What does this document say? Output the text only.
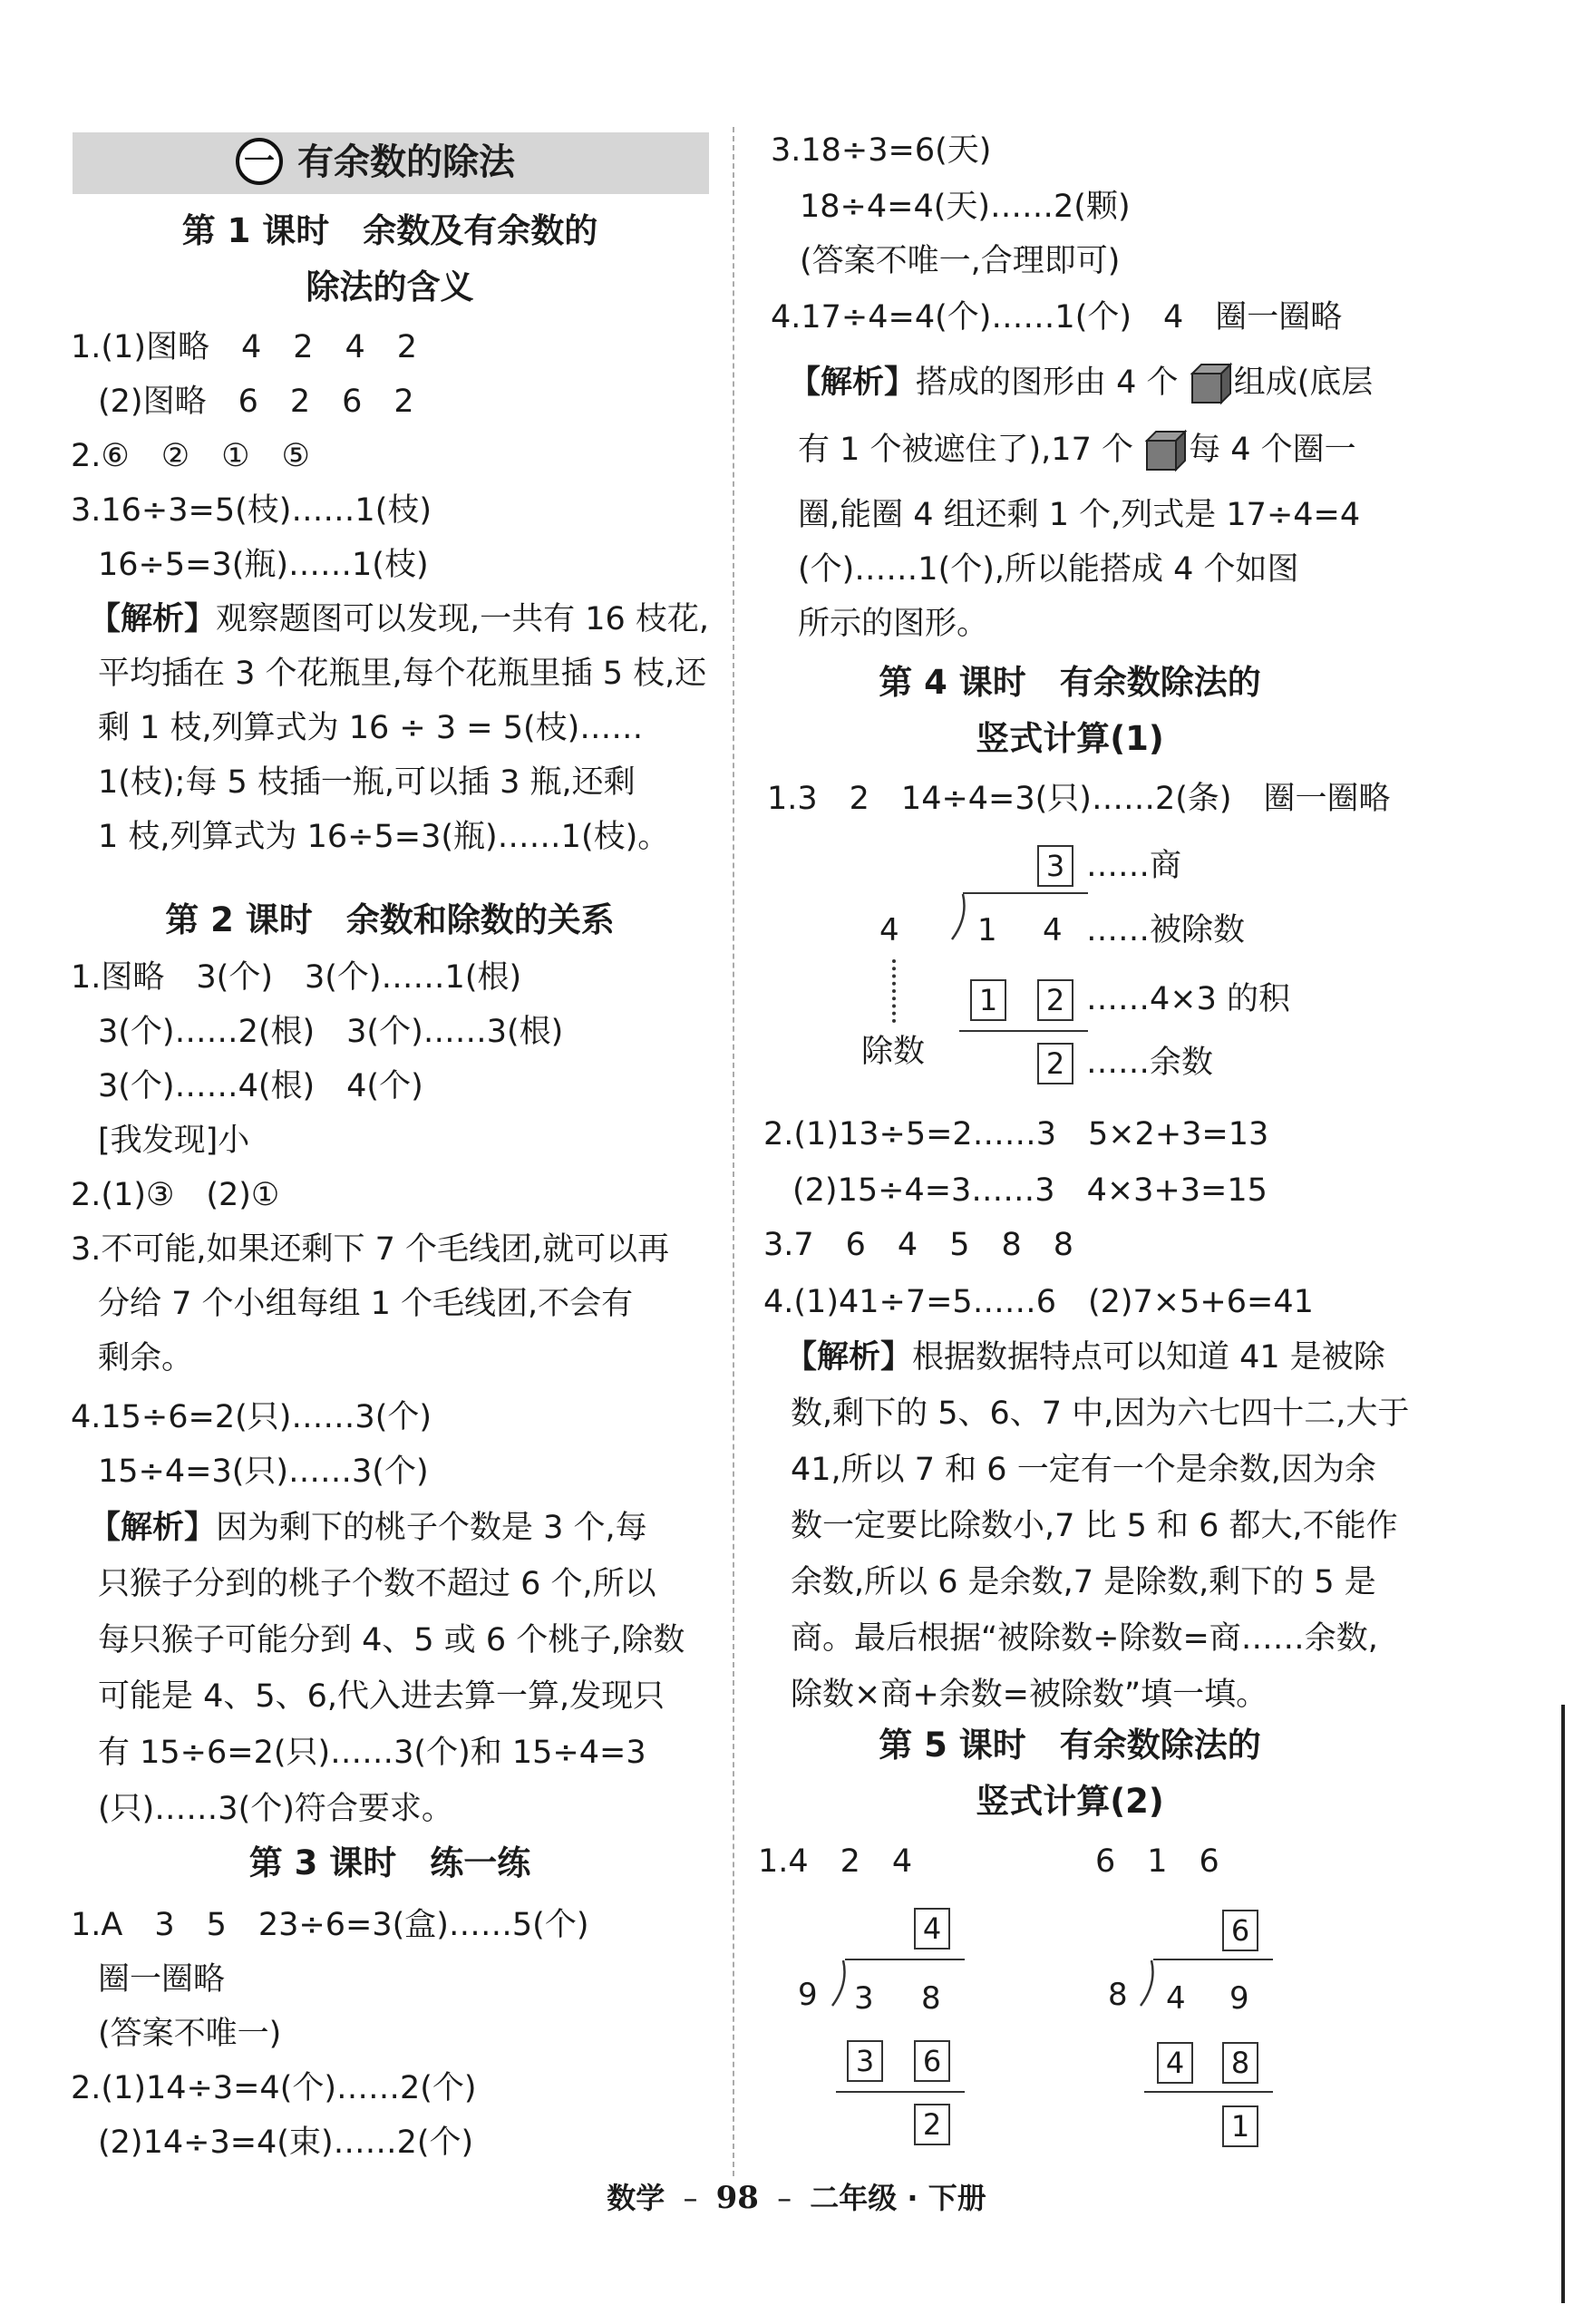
一 有余数的除法
第 1 课时　余数及有余数的
除法的含义
1.(1)图略　4　2　4　2
(2)图略　6　2　6　2
2.⑥　②　①　⑤
3.16÷3=5(枝)……1(枝)
16÷5=3(瓶)……1(枝)
【解析】观察题图可以发现,一共有 16 枝花,
平均插在 3 个花瓶里,每个花瓶里插 5 枝,还
剩 1 枝,列算式为 16 ÷ 3 = 5(枝)……
1(枝);每 5 枝插一瓶,可以插 3 瓶,还剩
1 枝,列算式为 16÷5=3(瓶)……1(枝)。
第 2 课时　余数和除数的关系
1.图略　3(个)　3(个)……1(根)
3(个)……2(根)　3(个)……3(根)
3(个)……4(根)　4(个)
[我发现]小
2.(1)③　(2)①
3.不可能,如果还剩下 7 个毛线团,就可以再
分给 7 个小组每组 1 个毛线团,不会有
剩余。
4.15÷6=2(只)……3(个)
15÷4=3(只)……3(个)
【解析】因为剩下的桃子个数是 3 个,每
只猴子分到的桃子个数不超过 6 个,所以
每只猴子可能分到 4、5 或 6 个桃子,除数
可能是 4、5、6,代入进去算一算,发现只
有 15÷6=2(只)……3(个)和 15÷4=3
(只)……3(个)符合要求。
第 3 课时　练一练
1.A　3　5　23÷6=3(盒)……5(个)
圈一圈略
(答案不唯一)
2.(1)14÷3=4(个)……2(个)
(2)14÷3=4(束)……2(个)
3.18÷3=6(天)
18÷4=4(天)……2(颗)
(答案不唯一,合理即可)
4.17÷4=4(个)……1(个)　4　圈一圈略
【解析】搭成的图形由 4 个 组成(底层
有 1 个被遮住了),17 个 每 4 个圈一
圈,能圈 4 组还剩 1 个,列式是 17÷4=4
(个)……1(个),所以能搭成 4 个如图
所示的图形。
第 4 课时　有余数除法的
竖式计算(1)
1.3　2　14÷4=3(只)……2(条)　圈一圈略
3 ……商
4	1 4 ……被除数
1	2 ……4×3 的积
除数	2 ……余数
2.(1)13÷5=2……3　5×2+3=13
(2)15÷4=3……3　4×3+3=15
3.7　6　4　5　8　8
4.(1)41÷7=5……6　(2)7×5+6=41
【解析】根据数据特点可以知道 41 是被除
数,剩下的 5、6、7 中,因为六七四十二,大于
41,所以 7 和 6 一定有一个是余数,因为余
数一定要比除数小,7 比 5 和 6 都大,不能作
余数,所以 6 是余数,7 是除数,剩下的 5 是
商。最后根据“被除数÷除数=商……余数,
除数×商+余数=被除数”填一填。
第 5 课时　有余数除法的
竖式计算(2)
1.4　2　4	6　1　6
4
9 3 8
3	6
2
6
8 4 9
4	8
1
数学 – 98 – 二年级 · 下册
